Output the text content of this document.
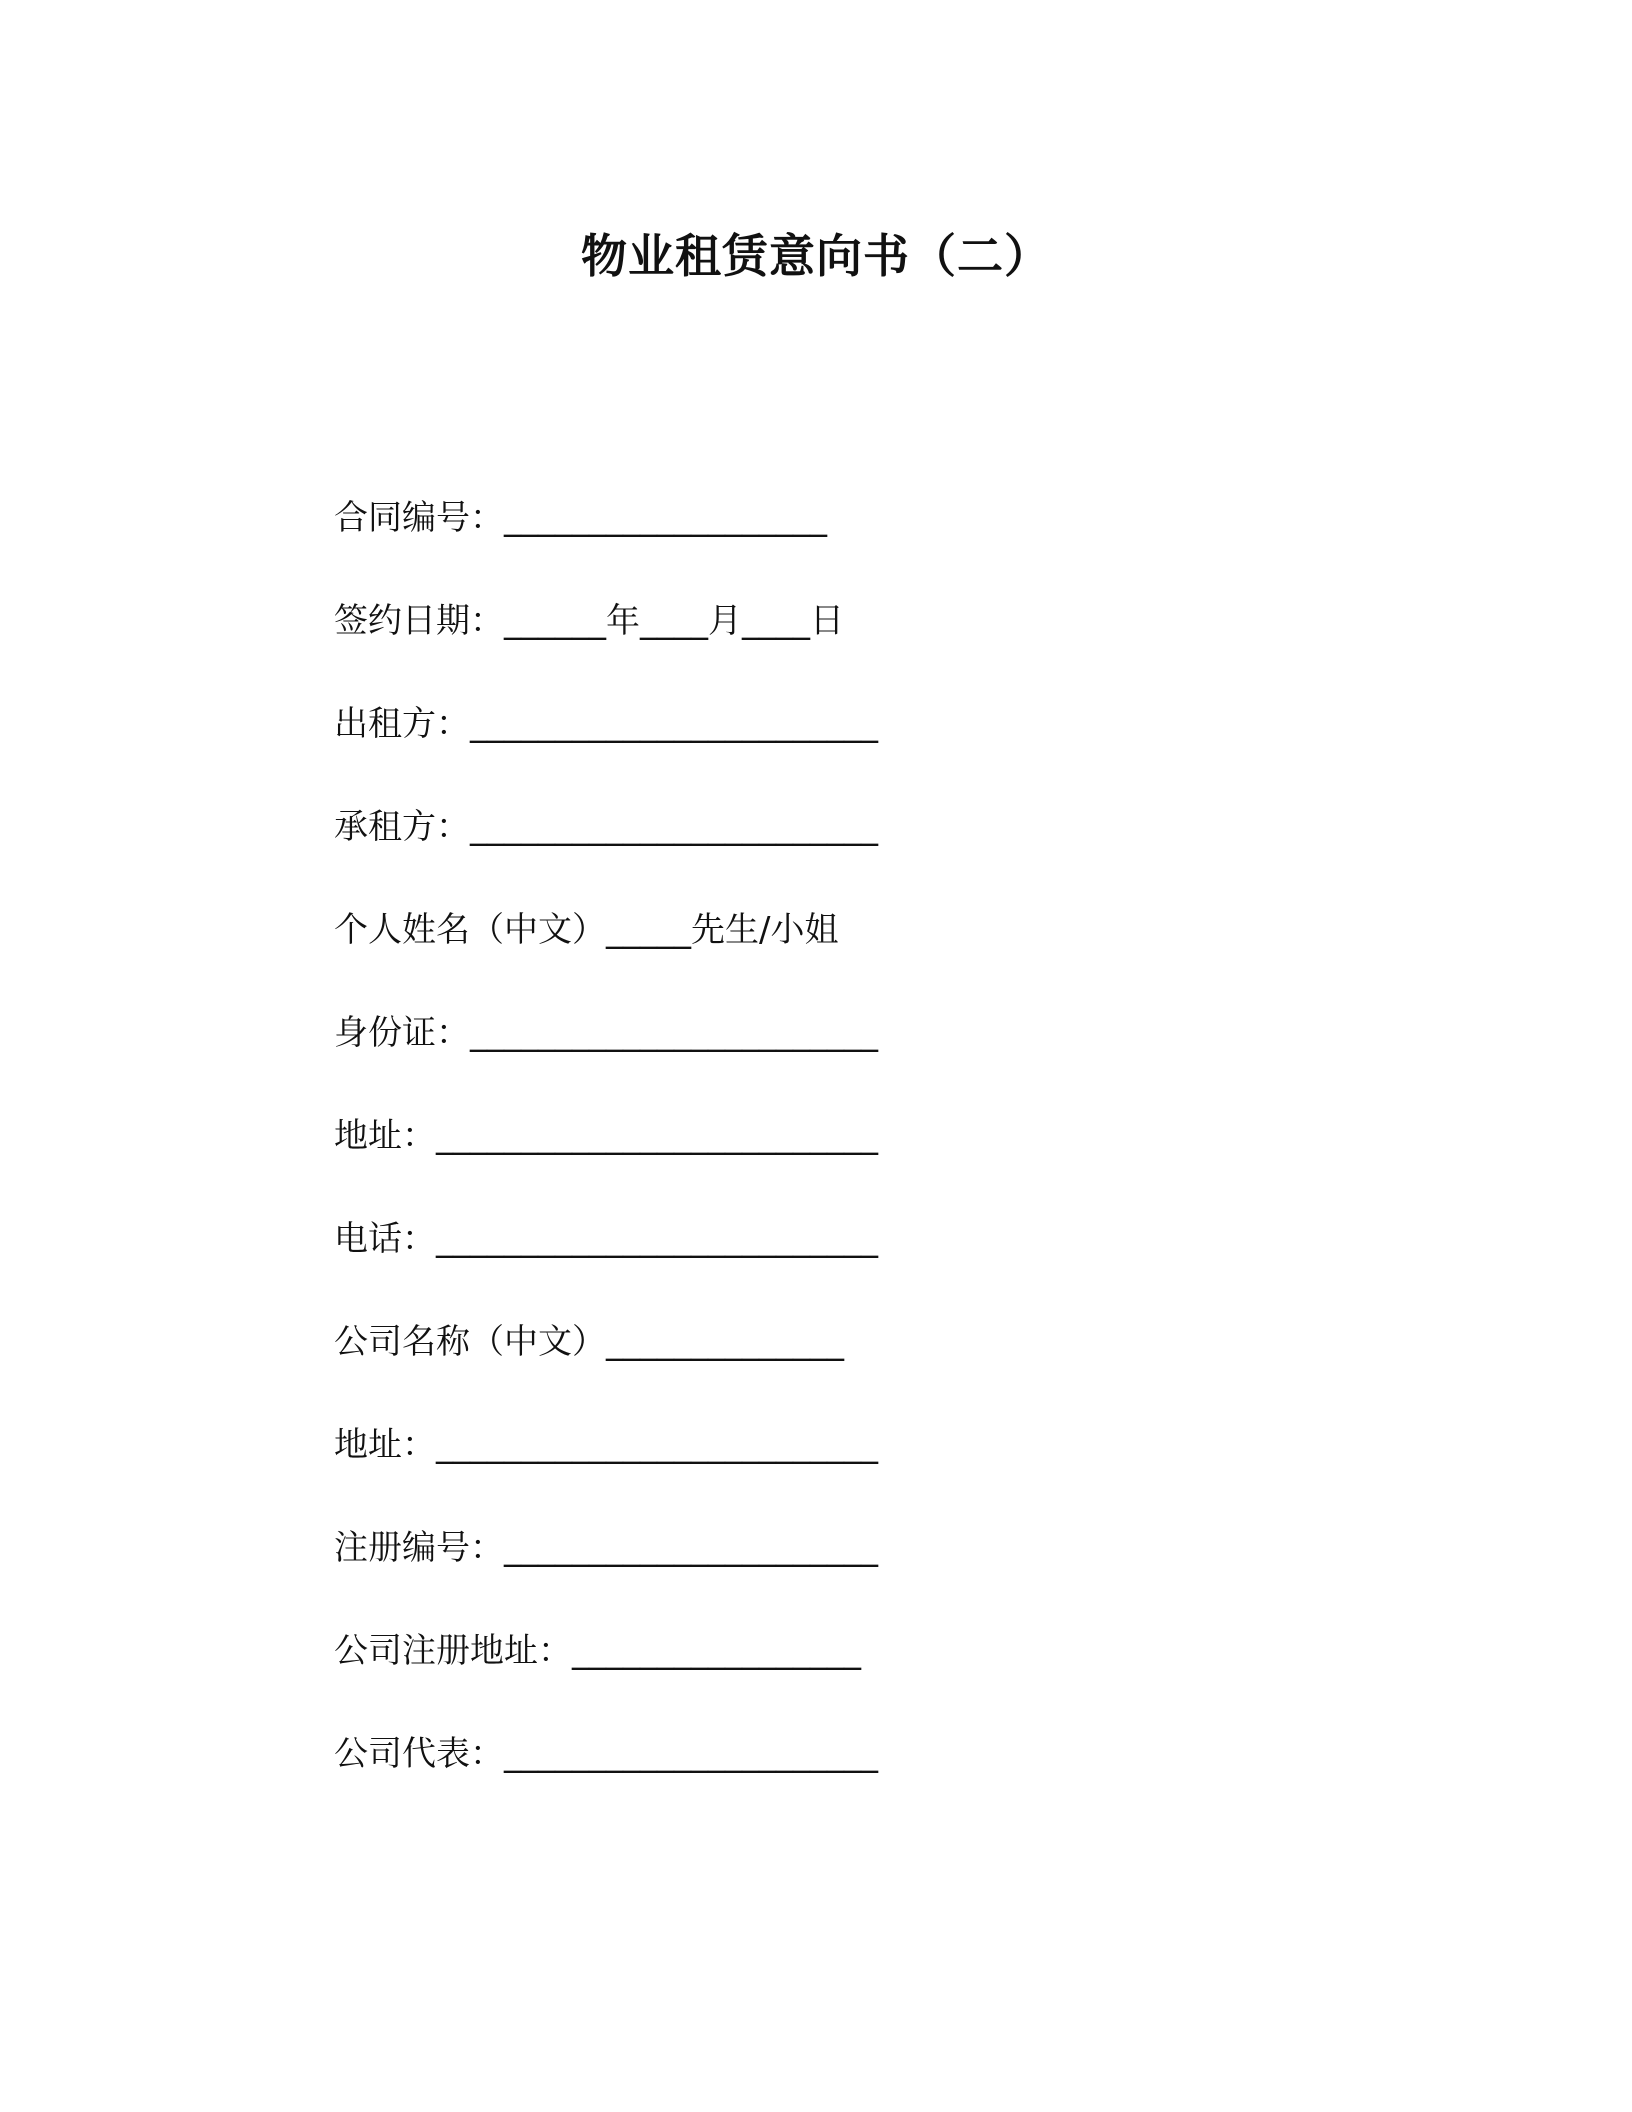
物业租赁意向书（二）
合同编号：___________________
签约日期：______年____月____日
出租方：________________________
承租方：________________________
个人姓名（中文）_____先生/小姐
身份证：________________________
地址：__________________________
电话：__________________________
公司名称（中文）______________
地址：__________________________
注册编号：______________________
公司注册地址：_________________
公司代表：______________________
